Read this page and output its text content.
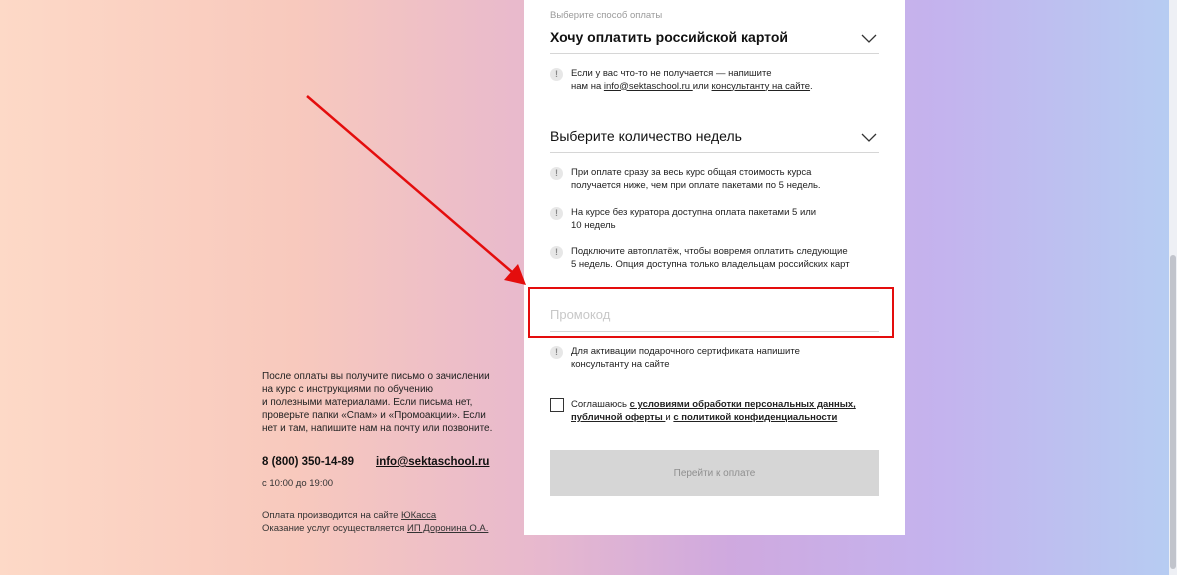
После оплаты вы получите письмо о зачислении
на курс с инструкциями по обучению
и полезными материалами. Если письма нет,
проверьте папки «Спам» и «Промоакции». Если
нет и там, напишите нам на почту или позвоните.
8 (800) 350-14-89 info@sektaschool.ru
с 10:00 до 19:00
Оплата производится на сайте ЮКасса
Оказание услуг осуществляется ИП Доронина О.А.
Выберите способ оплаты
Хочу оплатить российской картой
!	Если у вас что-то не получается — напишите
нам на info@sektaschool.ru или консультанту на сайте.
Выберите количество недель
!	При оплате сразу за весь курс общая стоимость курса
получается ниже, чем при оплате пакетами по 5 недель.
!	На курсе без куратора доступна оплата пакетами 5 или
10 недель
!	Подключите автоплатёж, чтобы вовремя оплатить следующие
5 недель. Опция доступна только владельцам российских карт
Промокод
!	Для активации подарочного сертификата напишите
консультанту на сайте
Соглашаюсь с условиями обработки персональных данных,
публичной оферты и с политикой конфиденциальности
Перейти к оплате
